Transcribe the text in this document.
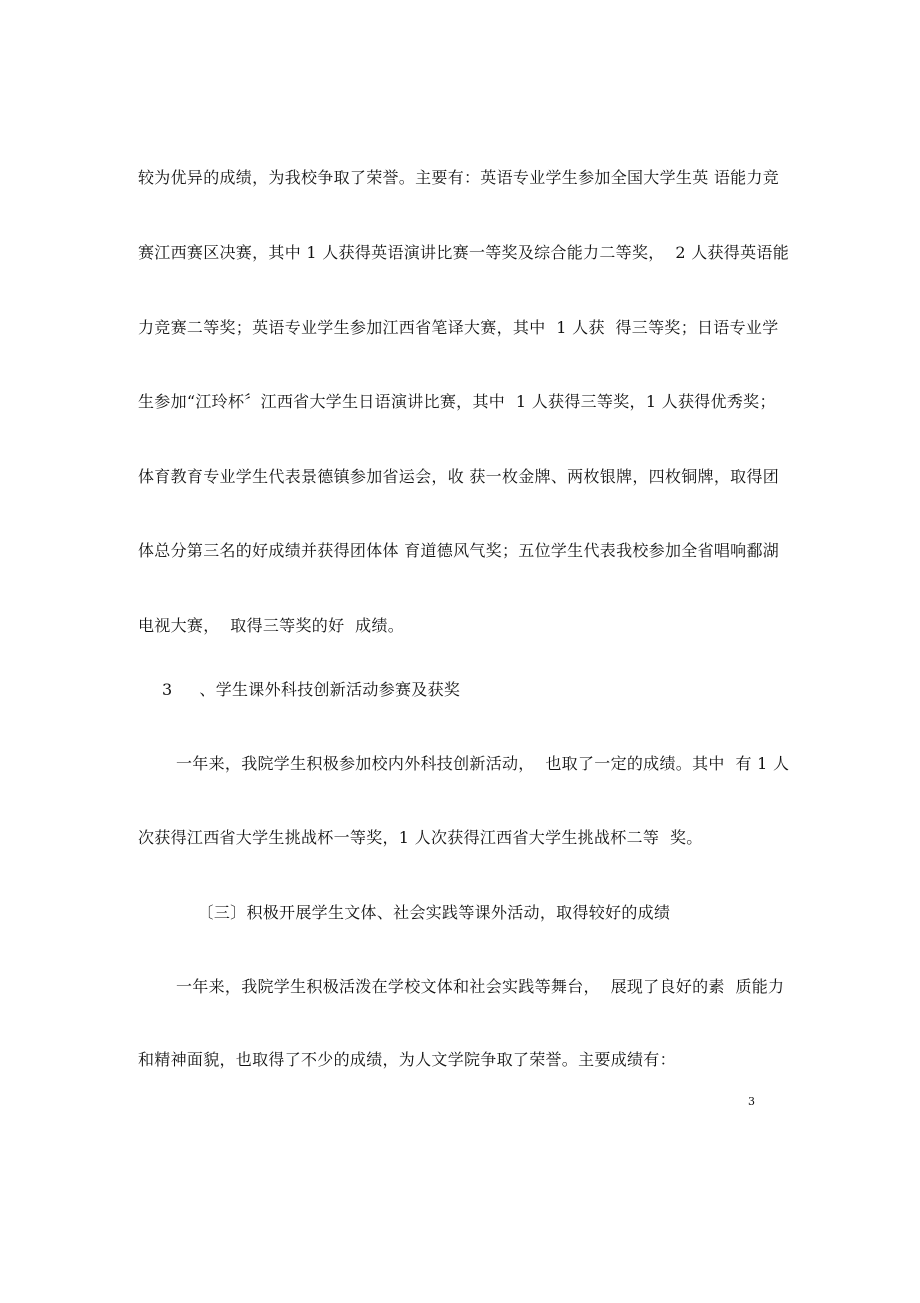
较为优异的成绩，为我校争取了荣誉。主要有：英语专业学生参加全国大学生英 语能力竞
赛江西赛区决赛，其中 1 人获得英语演讲比赛一等奖及综合能力二等奖，  2 人获得英语能
力竞赛二等奖；英语专业学生参加江西省笔译大赛，其中  1 人获  得三等奖；日语专业学
生参加“江玲杯〞江西省大学生日语演讲比赛，其中  1 人获得三等奖，1 人获得优秀奖；
体育教育专业学生代表景德镇参加省运会，收 获一枚金牌、两枚银牌，四枚铜牌，取得团
体总分第三名的好成绩并获得团体体 育道德风气奖；五位学生代表我校参加全省唱响鄱湖
电视大赛，  取得三等奖的好  成绩。
3     、学生课外科技创新活动参赛及获奖
一年来，我院学生积极参加校内外科技创新活动，  也取了一定的成绩。其中  有 1 人
次获得江西省大学生挑战杯一等奖，1 人次获得江西省大学生挑战杯二等  奖。
〔三〕积极开展学生文体、社会实践等课外活动，取得较好的成绩
一年来，我院学生积极活泼在学校文体和社会实践等舞台，  展现了良好的素  质能力
和精神面貌，也取得了不少的成绩，为人文学院争取了荣誉。主要成绩有：
3
